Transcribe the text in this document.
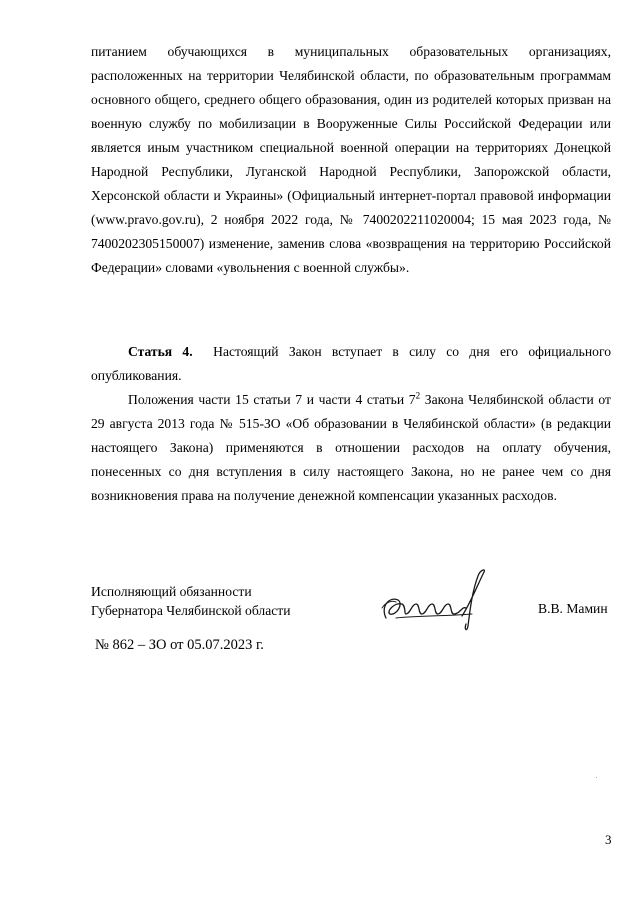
питанием обучающихся в муниципальных образовательных организациях, расположенных на территории Челябинской области, по образовательным программам основного общего, среднего общего образования, один из родителей которых призван на военную службу по мобилизации в Вооруженные Силы Российской Федерации или является иным участником специальной военной операции на территориях Донецкой Народной Республики, Луганской Народной Республики, Запорожской области, Херсонской области и Украины» (Официальный интернет-портал правовой информации (www.pravo.gov.ru), 2 ноября 2022 года, № 7400202211020004; 15 мая 2023 года, № 7400202305150007) изменение, заменив слова «возвращения на территорию Российской Федерации» словами «увольнения с военной службы».

Статья 4. Настоящий Закон вступает в силу со дня его официального опубликования.

Положения части 15 статьи 7 и части 4 статьи $7^2$ Закона Челябинской области от 29 августа 2013 года № 515-ЗО «Об образовании в Челябинской области» (в редакции настоящего Закона) применяются в отношении расходов на оплату обучения, понесенных со дня вступления в силу настоящего Закона, но не ранее чем со дня возникновения права на получение денежной компенсации указанных расходов.

Исполняющий обязанности
Губернатора Челябинской области	В.В. Мамин
№ 862 – ЗО от 05.07.2023 г.
3
